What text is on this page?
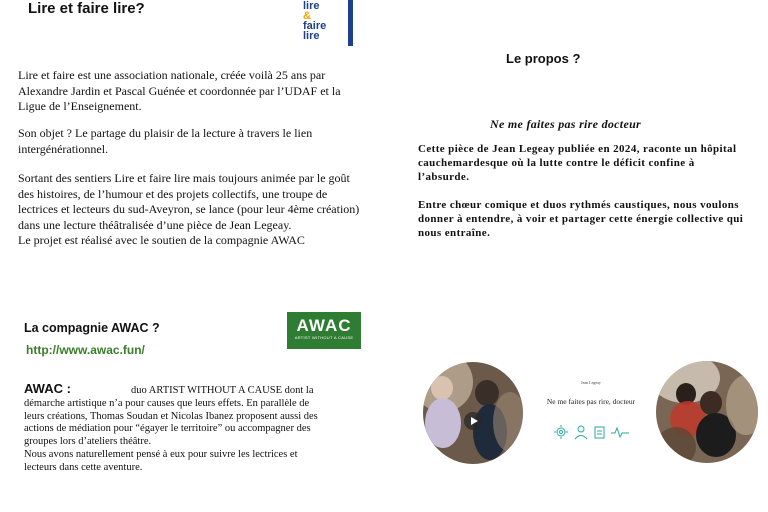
Lire et faire lire?	lire
&
faire
lire

Lire et faire est une association nationale, créée voilà 25 ans par Alexandre Jardin et Pascal Guénée et coordonnée par l’UDAF et la Ligue de l’Enseignement.

Son objet ? Le partage du plaisir de la lecture à travers le lien intergénérationnel.

Sortant des sentiers Lire et faire lire mais toujours animée par le goût des histoires, de l’humour et des projets collectifs, une troupe de lectrices et lecteurs du sud-Aveyron, se lance (pour leur 4ème création) dans une lecture théâtralisée d’une pièce de Jean Legeay.
Le projet est réalisé avec le soutien de la compagnie AWAC

La compagnie AWAC ?
http://www.awac.fun/
AWAC
ARTIST WITHOUT A CAUSE

AWAC :	duo ARTIST WITHOUT A CAUSE dont la démarche artistique n’a pour causes que leurs effets. En parallèle de leurs créations, Thomas Soudan et Nicolas Ibanez proposent aussi des actions de médiation pour “égayer le territoire” ou accompagner des groupes lors d’ateliers théâtre.
Nous avons naturellement pensé à eux pour suivre les lectrices et lecteurs dans cette aventure.

Le propos ?
Ne me faites pas rire docteur

Cette pièce de Jean Legeay publiée en 2024, raconte un hôpital cauchemardesque où la lutte contre le déficit confine à l’absurde.

Entre chœur comique et duos rythmés caustiques, nous voulons donner à entendre, à voir et partager cette énergie collective qui nous entraîne.

Jean Legeay
Ne me faites pas rire, docteur
